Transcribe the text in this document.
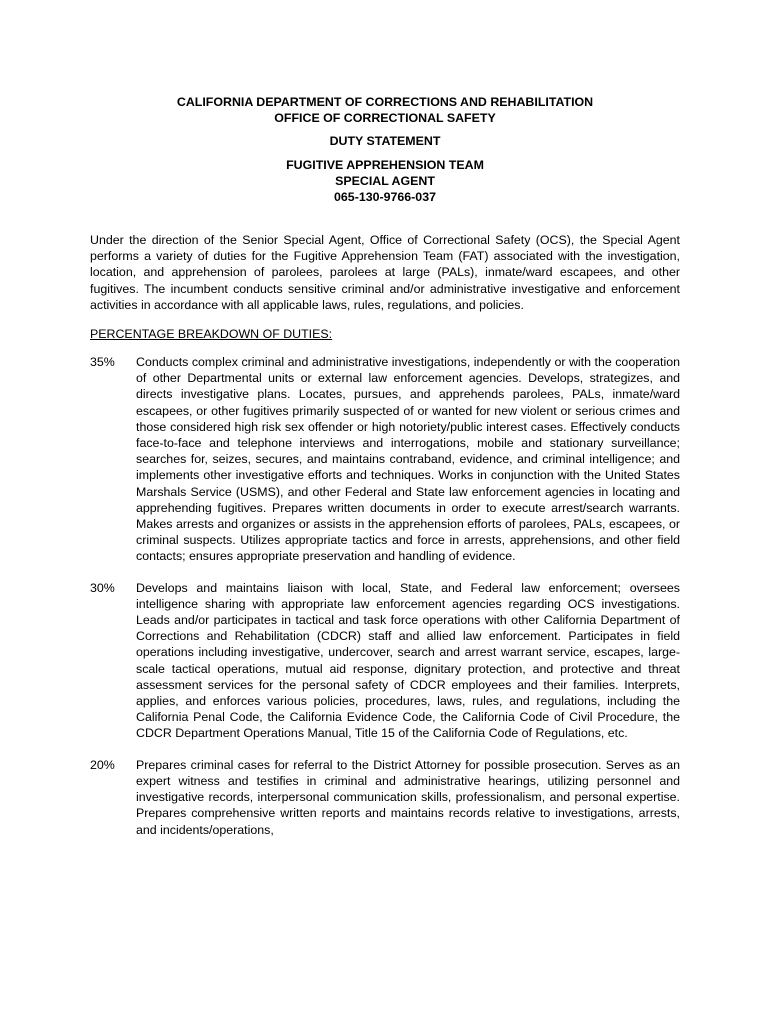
CALIFORNIA DEPARTMENT OF CORRECTIONS AND REHABILITATION

OFFICE OF CORRECTIONAL SAFETY

DUTY STATEMENT

FUGITIVE APPREHENSION TEAM

SPECIAL AGENT

065-130-9766-037

Under the direction of the Senior Special Agent, Office of Correctional Safety (OCS), the Special Agent performs a variety of duties for the Fugitive Apprehension Team (FAT) associated with the investigation, location, and apprehension of parolees, parolees at large (PALs), inmate/ward escapees, and other fugitives. The incumbent conducts sensitive criminal and/or administrative investigative and enforcement activities in accordance with all applicable laws, rules, regulations, and policies.
PERCENTAGE BREAKDOWN OF DUTIES:
35%	Conducts complex criminal and administrative investigations, independently or with the cooperation of other Departmental units or external law enforcement agencies. Develops, strategizes, and directs investigative plans. Locates, pursues, and apprehends parolees, PALs, inmate/ward escapees, or other fugitives primarily suspected of or wanted for new violent or serious crimes and those considered high risk sex offender or high notoriety/public interest cases. Effectively conducts face-to-face and telephone interviews and interrogations, mobile and stationary surveillance; searches for, seizes, secures, and maintains contraband, evidence, and criminal intelligence; and implements other investigative efforts and techniques. Works in conjunction with the United States Marshals Service (USMS), and other Federal and State law enforcement agencies in locating and apprehending fugitives. Prepares written documents in order to execute arrest/search warrants. Makes arrests and organizes or assists in the apprehension efforts of parolees, PALs, escapees, or criminal suspects. Utilizes appropriate tactics and force in arrests, apprehensions, and other field contacts; ensures appropriate preservation and handling of evidence.
30%	Develops and maintains liaison with local, State, and Federal law enforcement; oversees intelligence sharing with appropriate law enforcement agencies regarding OCS investigations. Leads and/or participates in tactical and task force operations with other California Department of Corrections and Rehabilitation (CDCR) staff and allied law enforcement. Participates in field operations including investigative, undercover, search and arrest warrant service, escapes, large-scale tactical operations, mutual aid response, dignitary protection, and protective and threat assessment services for the personal safety of CDCR employees and their families. Interprets, applies, and enforces various policies, procedures, laws, rules, and regulations, including the California Penal Code, the California Evidence Code, the California Code of Civil Procedure, the CDCR Department Operations Manual, Title 15 of the California Code of Regulations, etc.
20%	Prepares criminal cases for referral to the District Attorney for possible prosecution. Serves as an expert witness and testifies in criminal and administrative hearings, utilizing personnel and investigative records, interpersonal communication skills, professionalism, and personal expertise. Prepares comprehensive written reports and maintains records relative to investigations, arrests, and incidents/operations,
